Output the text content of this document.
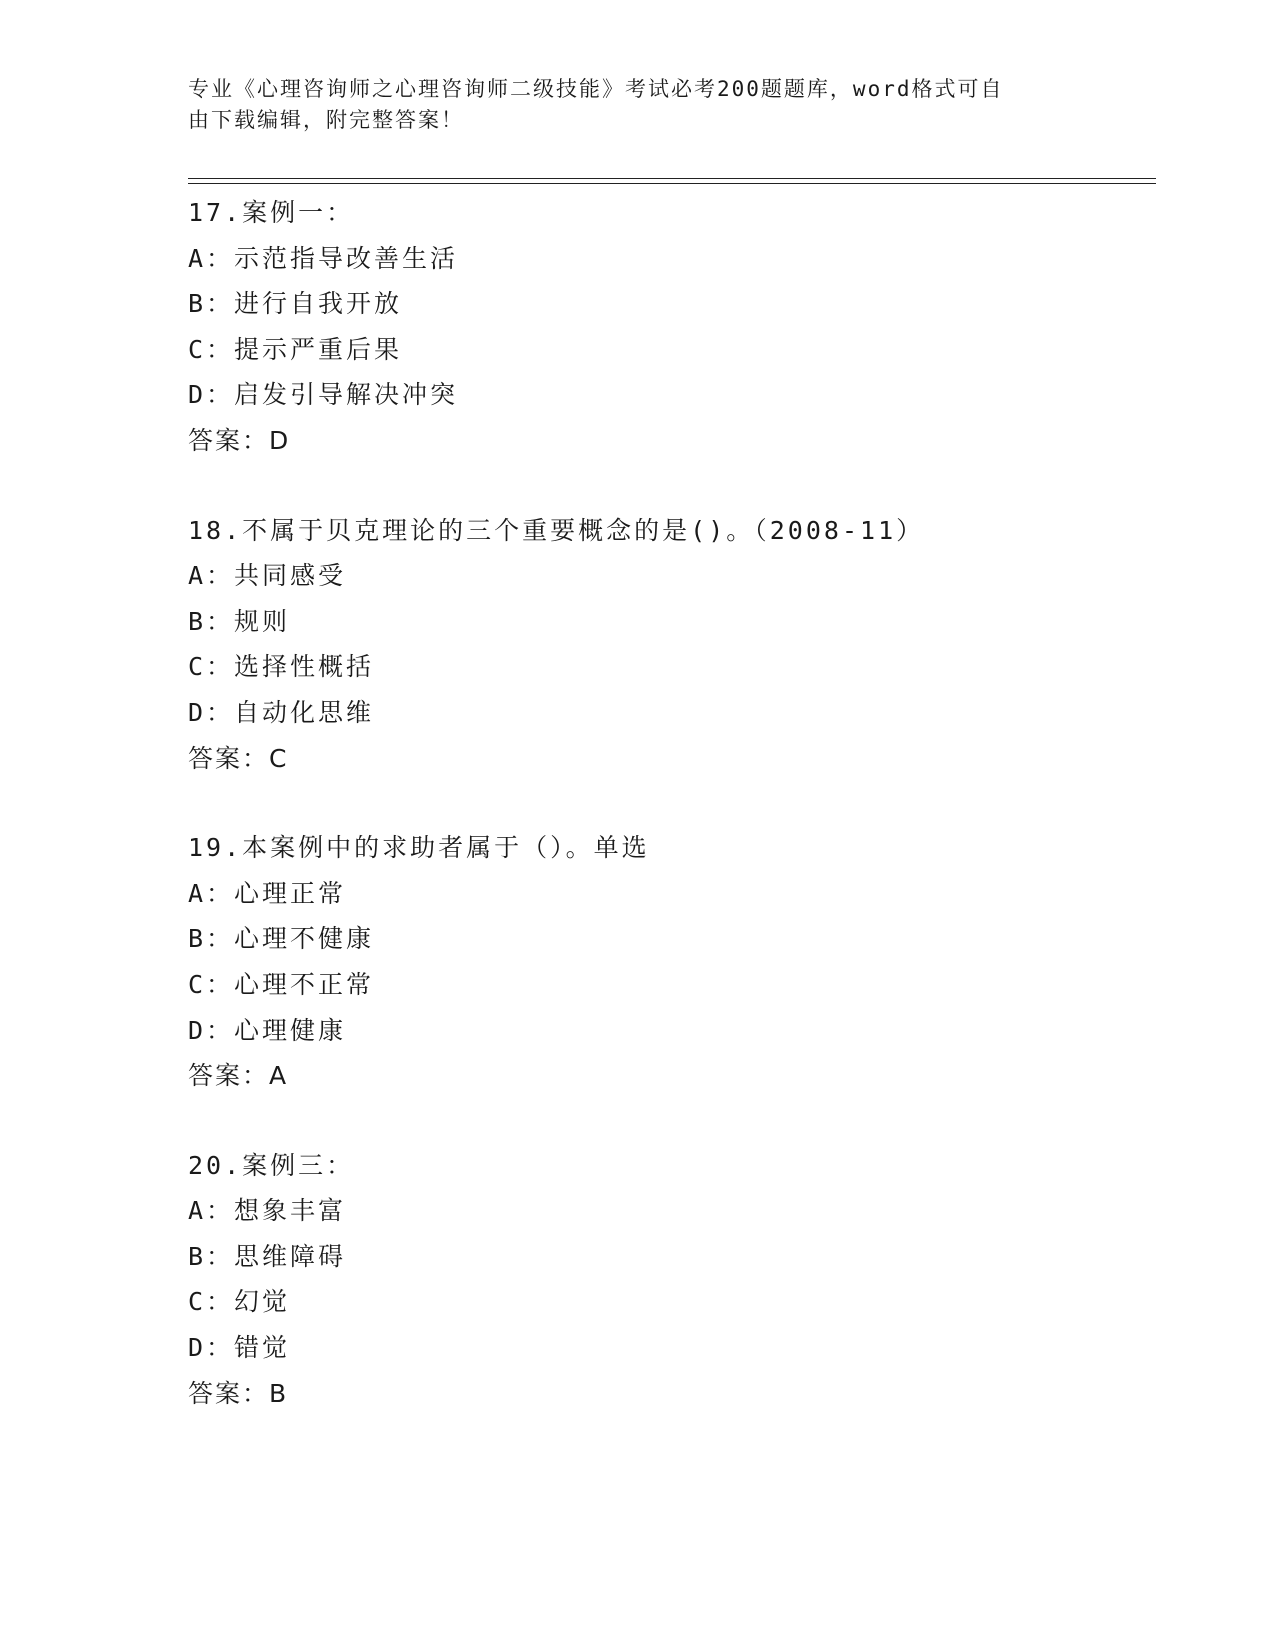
专业《心理咨询师之心理咨询师二级技能》考试必考200题题库，word格式可自
由下载编辑，附完整答案！
17.案例一：
A：示范指导改善生活
B：进行自我开放
C：提示严重后果
D：启发引导解决冲突
答案：D
18.不属于贝克理论的三个重要概念的是()。（2008-11）
A：共同感受
B：规则
C：选择性概括
D：自动化思维
答案：C
19.本案例中的求助者属于（）。单选
A：心理正常
B：心理不健康
C：心理不正常
D：心理健康
答案：A
20.案例三：
A：想象丰富
B：思维障碍
C：幻觉
D：错觉
答案：B
